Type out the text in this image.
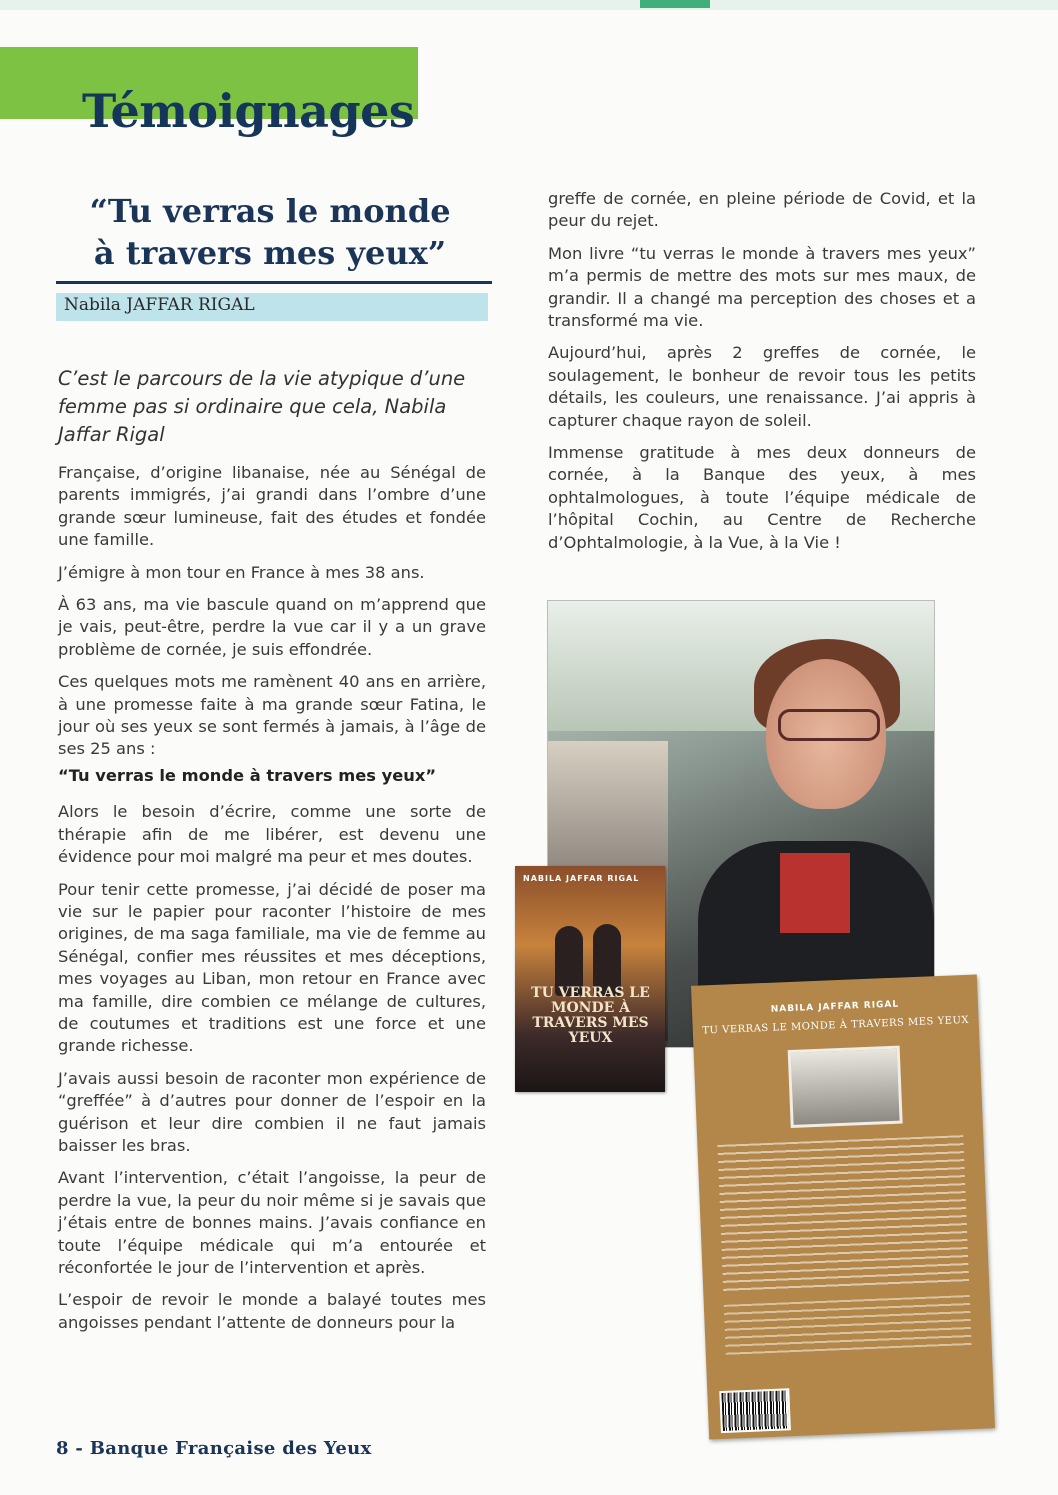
Témoignages
“Tu verras le monde
à travers mes yeux”
Nabila JAFFAR RIGAL

C’est le parcours de la vie atypique d’une femme pas si ordinaire que cela, Nabila Jaffar Rigal

Française, d’origine libanaise, née au Sénégal de parents immigrés, j’ai grandi dans l’ombre d’une grande sœur lumineuse, fait des études et fondée une famille.

J’émigre à mon tour en France à mes 38 ans.

À 63 ans, ma vie bascule quand on m’apprend que je vais, peut-être, perdre la vue car il y a un grave problème de cornée, je suis effondrée.

Ces quelques mots me ramènent 40 ans en arrière, à une promesse faite à ma grande sœur Fatina, le jour où ses yeux se sont fermés à jamais, à l’âge de ses 25 ans :

“Tu verras le monde à travers mes yeux”

Alors le besoin d’écrire, comme une sorte de thérapie afin de me libérer, est devenu une évidence pour moi malgré ma peur et mes doutes.

Pour tenir cette promesse, j’ai décidé de poser ma vie sur le papier pour raconter l’histoire de mes origines, de ma saga familiale, ma vie de femme au Sénégal, confier mes réussites et mes déceptions, mes voyages au Liban, mon retour en France avec ma famille, dire combien ce mélange de cultures, de coutumes et traditions est une force et une grande richesse.

J’avais aussi besoin de raconter mon expérience de “greffée” à d’autres pour donner de l’espoir en la guérison et leur dire combien il ne faut jamais baisser les bras.

Avant l’intervention, c’était l’angoisse, la peur de perdre la vue, la peur du noir même si je savais que j’étais entre de bonnes mains. J’avais confiance en toute l’équipe médicale qui m’a entourée et réconfortée le jour de l’intervention et après.

L’espoir de revoir le monde a balayé toutes mes angoisses pendant l’attente de donneurs pour la

greffe de cornée, en pleine période de Covid, et la peur du rejet.

Mon livre “tu verras le monde à travers mes yeux” m’a permis de mettre des mots sur mes maux, de grandir. Il a changé ma perception des choses et a transformé ma vie.

Aujourd’hui, après 2 greffes de cornée, le soulagement, le bonheur de revoir tous les petits détails, les couleurs, une renaissance. J’ai appris à capturer chaque rayon de soleil.

Immense gratitude à mes deux donneurs de cornée, à la Banque des yeux, à mes ophtalmologues, à toute l’équipe médicale de l’hôpital Cochin, au Centre de Recherche d’Ophtalmologie, à la Vue, à la Vie !

NABILA JAFFAR RIGAL
TU VERRAS LE MONDE À TRAVERS MES YEUX
NABILA JAFFAR RIGAL
TU VERRAS LE MONDE À TRAVERS MES YEUX
8 - Banque Française des Yeux
